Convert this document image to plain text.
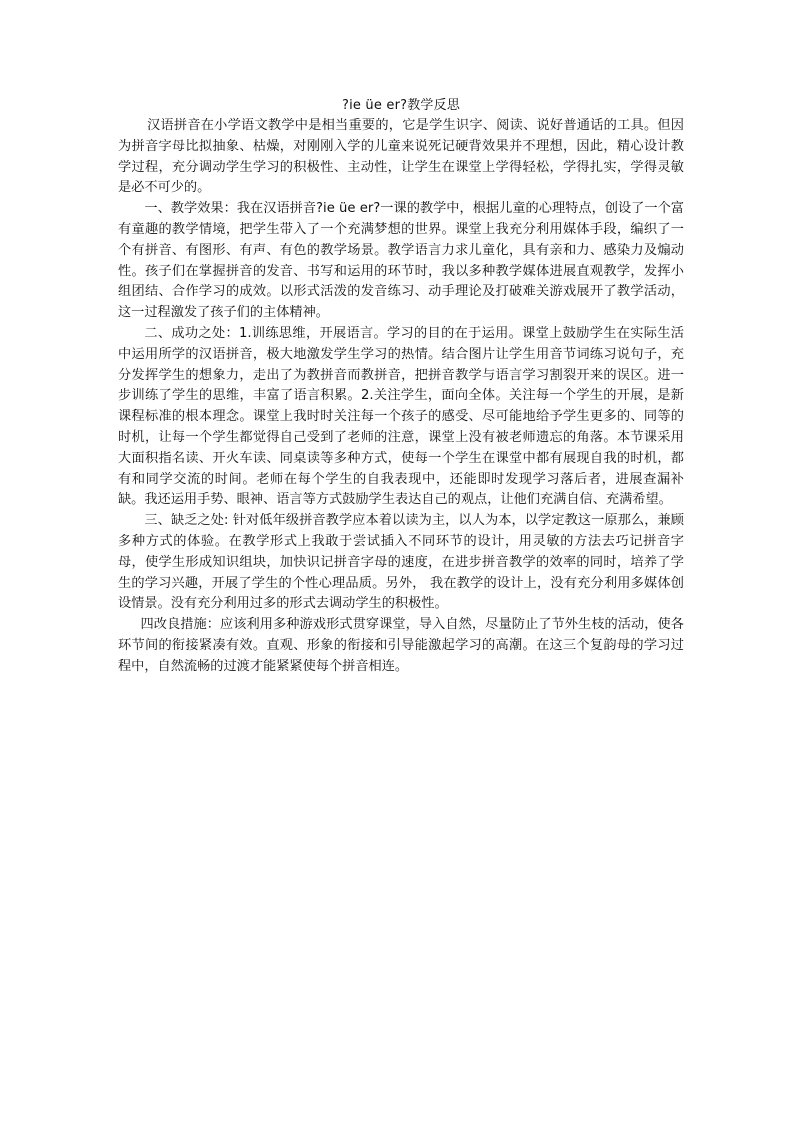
?ie üe er?教学反思

汉语拼音在小学语文教学中是相当重要的，它是学生识字、阅读、说好普通话的工具。但因为拼音字母比拟抽象、枯燥，对刚刚入学的儿童来说死记硬背效果并不理想，因此，精心设计教学过程，充分调动学生学习的积极性、主动性，让学生在课堂上学得轻松，学得扎实，学得灵敏是必不可少的。

一、教学效果：我在汉语拼音?ie üe er?一课的教学中，根据儿童的心理特点，创设了一个富有童趣的教学情境，把学生带入了一个充满梦想的世界。课堂上我充分利用媒体手段，编织了一个有拼音、有图形、有声、有色的教学场景。教学语言力求儿童化，具有亲和力、感染力及煽动性。孩子们在掌握拼音的发音、书写和运用的环节时，我以多种教学媒体进展直观教学，发挥小组团结、合作学习的成效。以形式活泼的发音练习、动手理论及打破难关游戏展开了教学活动，这一过程激发了孩子们的主体精神。

二、成功之处：1.训练思维，开展语言。学习的目的在于运用。课堂上鼓励学生在实际生活中运用所学的汉语拼音，极大地激发学生学习的热情。结合图片让学生用音节词练习说句子，充分发挥学生的想象力，走出了为教拼音而教拼音，把拼音教学与语言学习割裂开来的误区。进一步训练了学生的思维，丰富了语言积累。2.关注学生，面向全体。关注每一个学生的开展，是新课程标准的根本理念。课堂上我时时关注每一个孩子的感受、尽可能地给予学生更多的、同等的时机，让每一个学生都觉得自己受到了老师的注意，课堂上没有被老师遗忘的角落。本节课采用大面积指名读、开火车读、同桌读等多种方式，使每一个学生在课堂中都有展现自我的时机，都有和同学交流的时间。老师在每个学生的自我表现中，还能即时发现学习落后者，进展查漏补缺。我还运用手势、眼神、语言等方式鼓励学生表达自己的观点，让他们充满自信、充满希望。

三、缺乏之处: 针对低年级拼音教学应本着以读为主，以人为本，以学定教这一原那么，兼顾多种方式的体验。在教学形式上我敢于尝试插入不同环节的设计，用灵敏的方法去巧记拼音字母，使学生形成知识组块，加快识记拼音字母的速度，在进步拼音教学的效率的同时，培养了学生的学习兴趣，开展了学生的个性心理品质。另外， 我在教学的设计上，没有充分利用多媒体创设情景。没有充分利用过多的形式去调动学生的积极性。

四改良措施：应该利用多种游戏形式贯穿课堂，导入自然，尽量防止了节外生枝的活动，使各环节间的衔接紧凑有效。直观、形象的衔接和引导能激起学习的高潮。在这三个复韵母的学习过程中，自然流畅的过渡才能紧紧使每个拼音相连。
